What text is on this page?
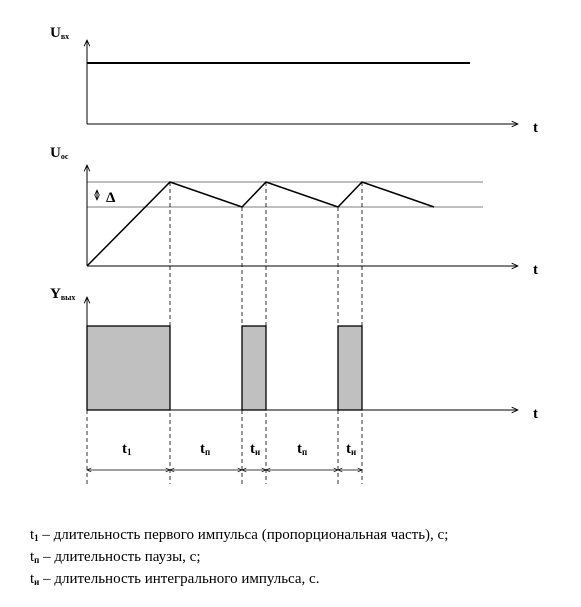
Uвх
t
Δ
Uос
t
Yвых
t
t1	tп	tи tп	tи
$t_1$ – длительность первого импульса (пропорциональная часть), с;
$t_п$ – длительность паузы, с;
$t_и$ – длительность интегрального импульса, с.
